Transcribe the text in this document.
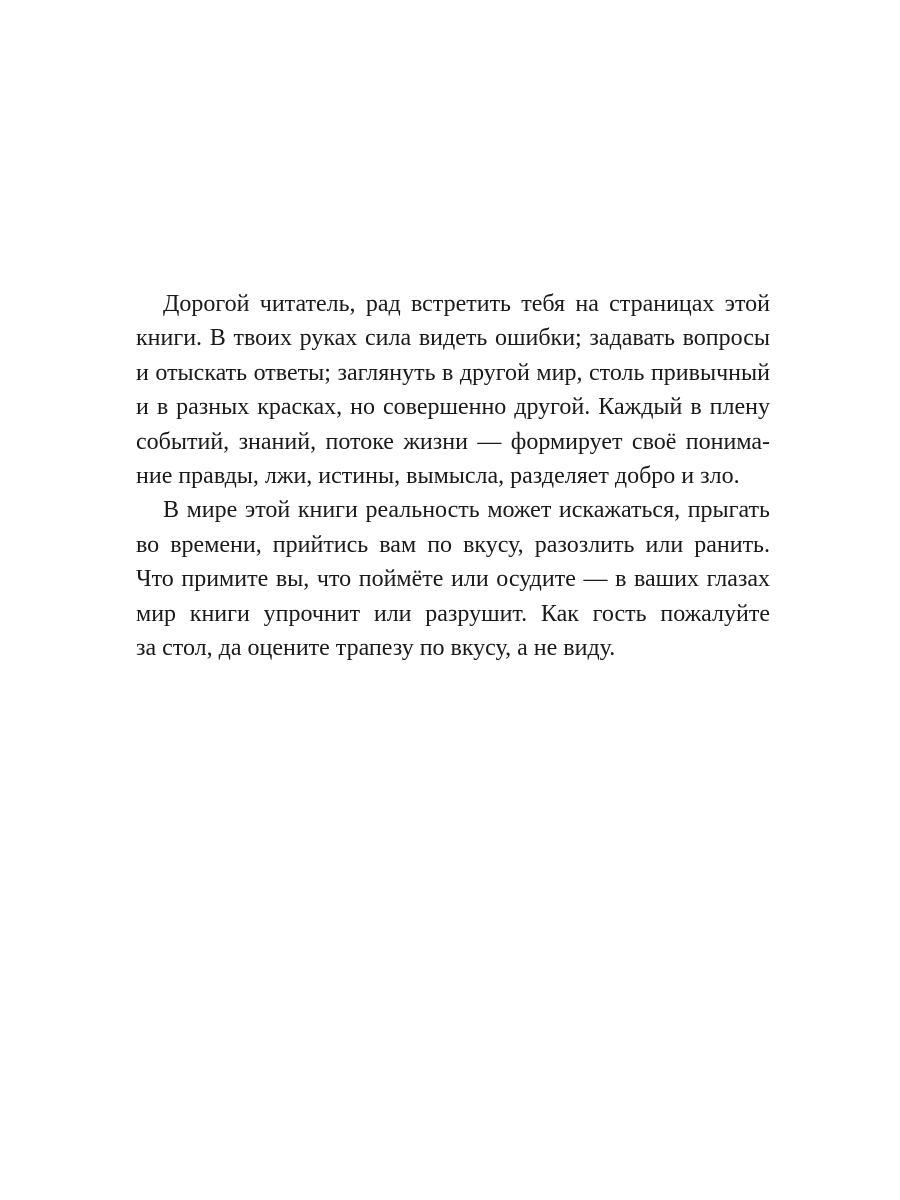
Дорогой читатель, рад встретить тебя на страницах этой
книги. В твоих руках сила видеть ошибки; задавать вопросы
и отыскать ответы; заглянуть в другой мир, столь привычный
и в разных красках, но совершенно другой. Каждый в плену
событий, знаний, потоке жизни — формирует своё понима-
ние правды, лжи, истины, вымысла, разделяет добро и зло.
В мире этой книги реальность может искажаться, прыгать
во времени, прийтись вам по вкусу, разозлить или ранить.
Что примите вы, что поймёте или осудите — в ваших глазах
мир книги упрочнит или разрушит. Как гость пожалуйте
за стол, да оцените трапезу по вкусу, а не виду.
